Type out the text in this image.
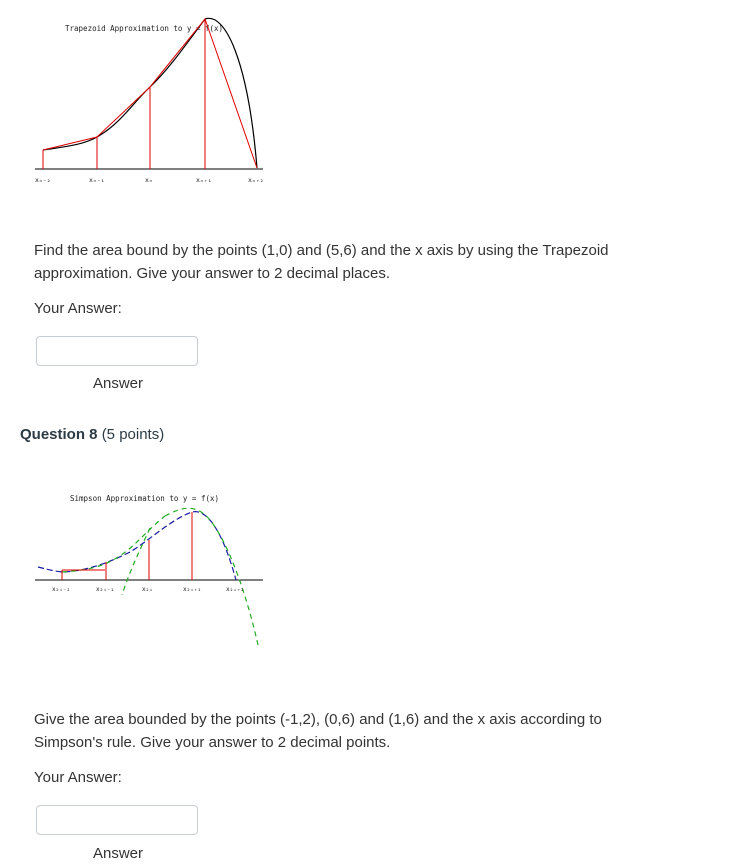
Trapezoid Approximation to y = f(x)
xₙ₋₂	xₙ₋₁	xₙ	xₙ₊₁	xₙ₊₂
Find the area bound by the points (1,0) and (5,6) and the x axis by using the Trapezoid approximation. Give your answer to 2 decimal places.
Your Answer:
Answer
Question 8 (5 points)
Simpson Approximation to y = f(x)
x₂ᵢ₋₂	x₂ᵢ₋₁	x₂ᵢ	x₂ᵢ₊₁	x₂ᵢ₊₂
Give the area bounded by the points (-1,2), (0,6) and (1,6) and the x axis according to Simpson's rule. Give your answer to 2 decimal points.
Your Answer:
Answer
